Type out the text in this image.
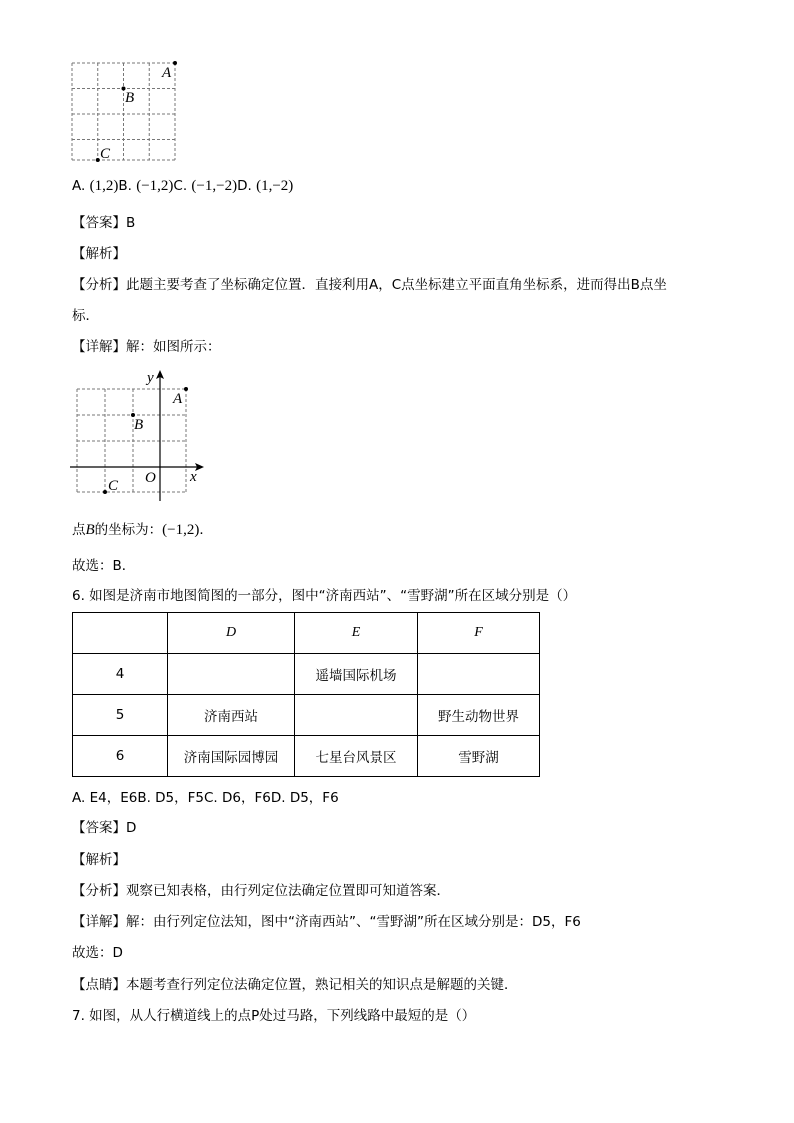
A
B
C
A. (1,2)B. (−1,2)C. (−1,−2)D. (1,−2)
【答案】B
【解析】
【分析】此题主要考查了坐标确定位置．直接利用A，C点坐标建立平面直角坐标系，进而得出B点坐
标．
【详解】解：如图所示：
y
x
O
A
B
C
点B的坐标为：(−1,2)．
故选：B．
6. 如图是济南市地图简图的一部分，图中“济南西站”、“雪野湖”所在区域分别是（）
	D	E	F
4		遥墙国际机场	
5	济南西站		野生动物世界
6	济南国际园博园	七星台风景区	雪野湖
A. E4，E6B. D5，F5C. D6，F6D. D5，F6
【答案】D
【解析】
【分析】观察已知表格，由行列定位法确定位置即可知道答案．
【详解】解：由行列定位法知，图中“济南西站”、“雪野湖”所在区域分别是：D5，F6
故选：D
【点睛】本题考查行列定位法确定位置，熟记相关的知识点是解题的关键．
7. 如图，从人行横道线上的点P处过马路，下列线路中最短的是（）
